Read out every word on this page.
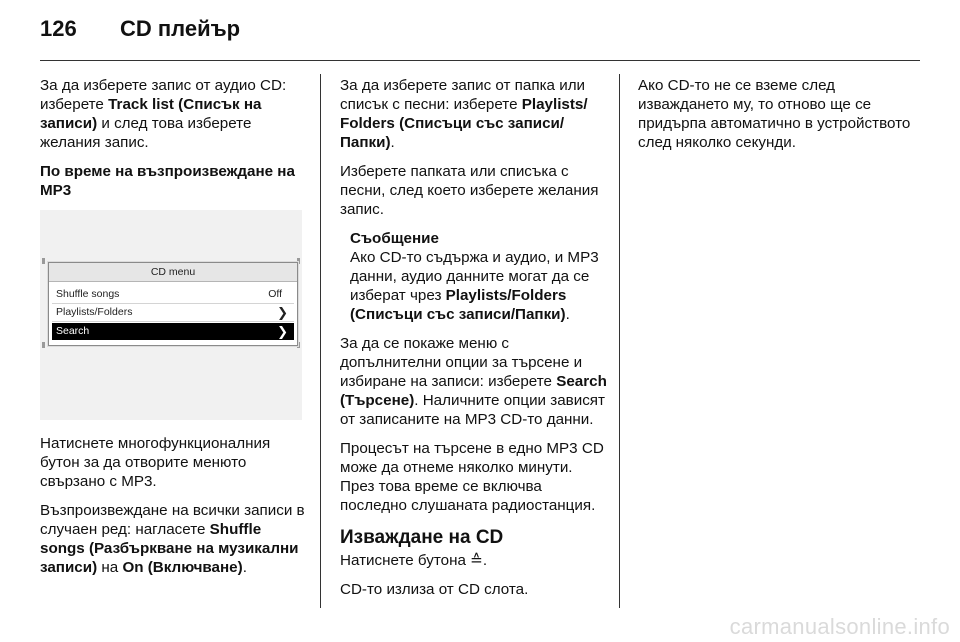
126 CD плейър

За да изберете запис от аудио CD: изберете Track list (Списък на записи) и след това изберете желания запис.

По време на възпроизвеждане на MP3
CD menu
Shuffle songs	Off
Playlists/Folders	❯
Search	❯

Натиснете многофункционалния бутон за да отворите менюто свързано с MP3.

Възпроизвеждане на всички записи в случаен ред: нагласете Shuffle songs (Разбъркване на музикални записи) на On (Включване).

За да изберете запис от папка или списък с песни: изберете Playlists/ Folders (Списъци със записи/ Папки).

Изберете папката или списъка с песни, след което изберете желания запис.

Съобщение
Ако CD-то съдържа и аудио, и MP3 данни, аудио данните могат да се изберат чрез Playlists/Folders (Списъци със записи/Папки).

За да се покаже меню с допълнителни опции за търсене и избиране на записи: изберете Search (Търсене). Наличните опции зависят от записаните на MP3 CD-то данни.

Процесът на търсене в едно MP3 CD може да отнеме няколко минути. През това време се включва последно слушаната радиостанция.

Изваждане на CD

Натиснете бутона ≙.

CD-то излиза от CD слота.

Ако CD-то не се вземе след изваждането му, то отново ще се придърпа автоматично в устройството след няколко секунди.

carmanualsonline.info
